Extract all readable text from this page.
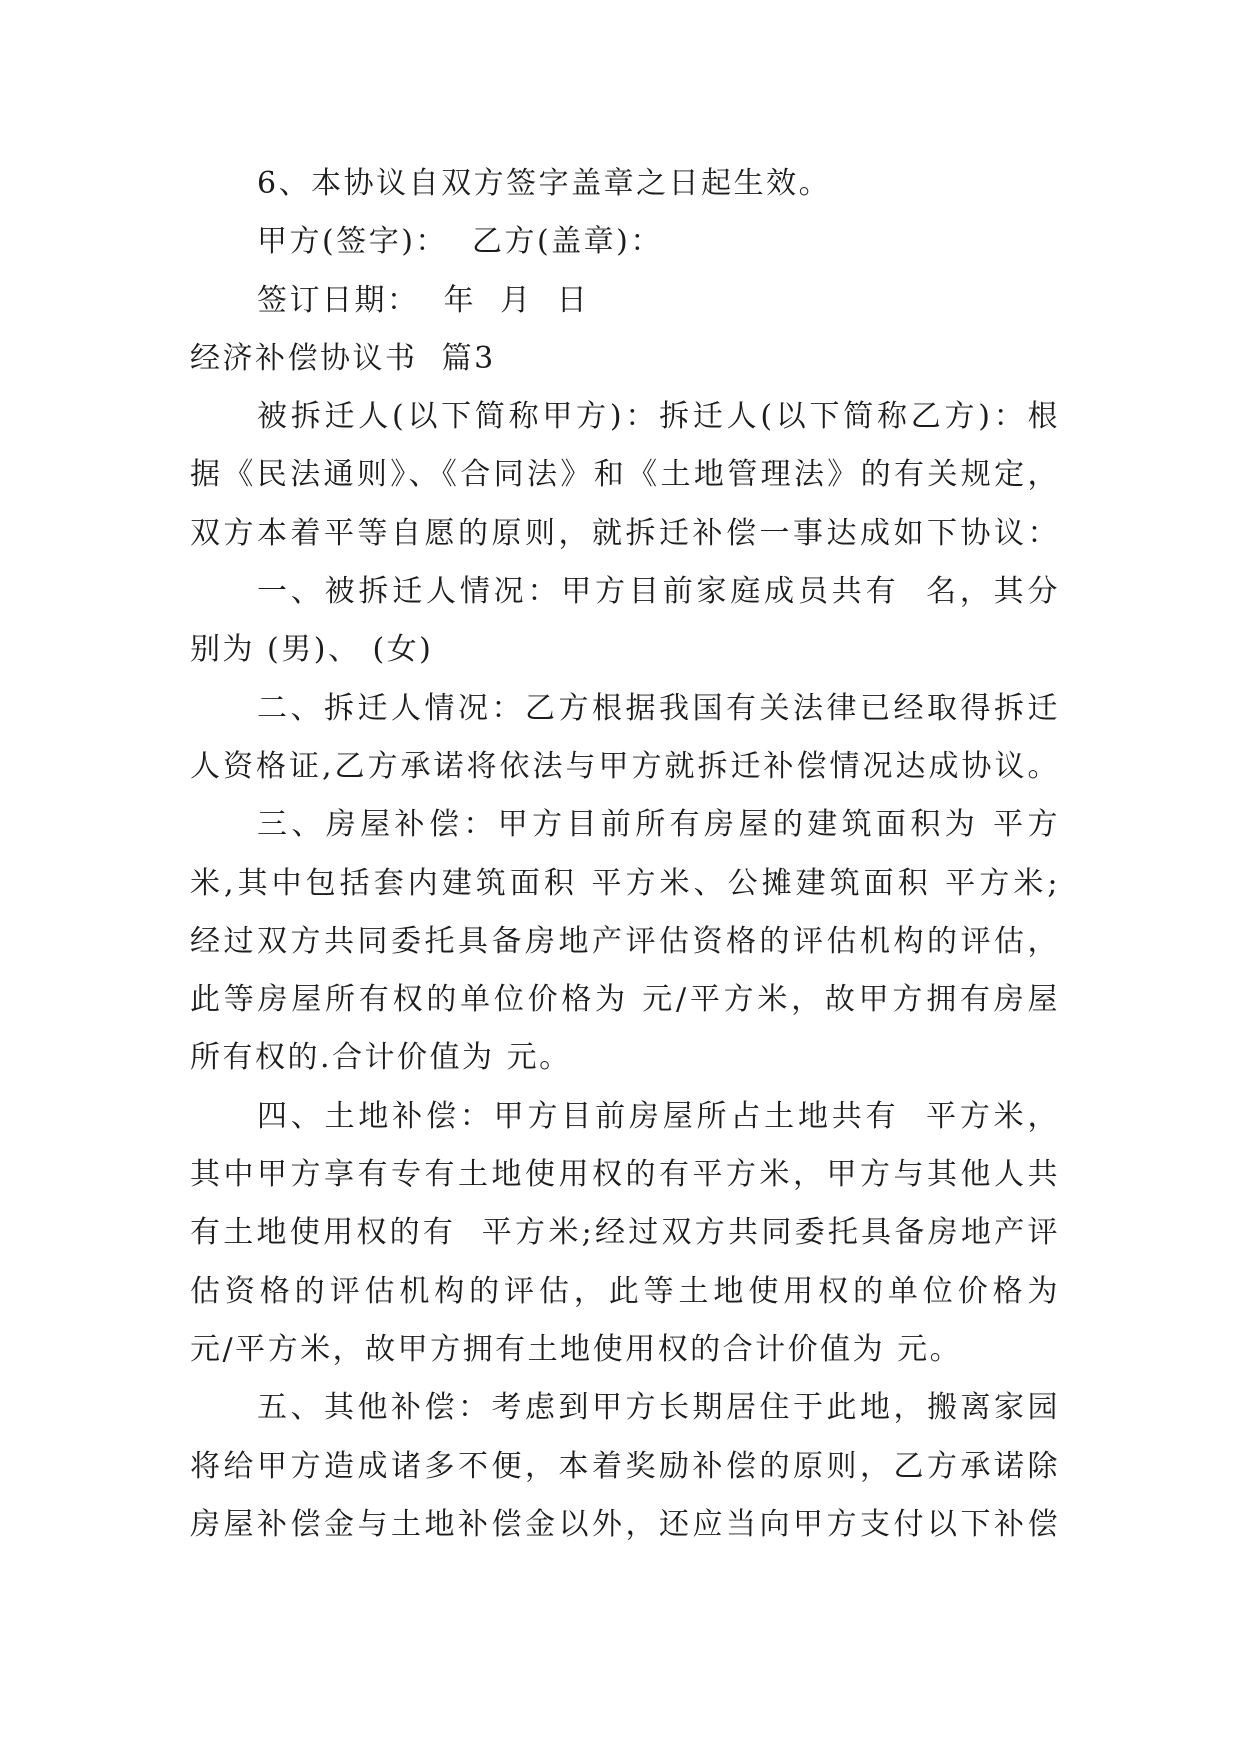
6、本协议自双方签字盖章之日起生效。
甲方(签字)：  乙方(盖章)：
签订日期：  年  月  日
经济补偿协议书  篇3
被拆迁人(以下简称甲方)：拆迁人(以下简称乙方)：根
据《民法通则》、《合同法》和《土地管理法》的有关规定，
双方本着平等自愿的原则，就拆迁补偿一事达成如下协议：
一、被拆迁人情况：甲方目前家庭成员共有  名，其分
别为 (男)、 (女)
二、拆迁人情况：乙方根据我国有关法律已经取得拆迁
人资格证,乙方承诺将依法与甲方就拆迁补偿情况达成协议。
三、房屋补偿：甲方目前所有房屋的建筑面积为 平方
米,其中包括套内建筑面积 平方米、公摊建筑面积 平方米;
经过双方共同委托具备房地产评估资格的评估机构的评估，
此等房屋所有权的单位价格为 元/平方米，故甲方拥有房屋
所有权的.合计价值为 元。
四、土地补偿：甲方目前房屋所占土地共有  平方米，
其中甲方享有专有土地使用权的有平方米，甲方与其他人共
有土地使用权的有  平方米;经过双方共同委托具备房地产评
估资格的评估机构的评估，此等土地使用权的单位价格为
元/平方米，故甲方拥有土地使用权的合计价值为 元。
五、其他补偿：考虑到甲方长期居住于此地，搬离家园
将给甲方造成诸多不便，本着奖励补偿的原则，乙方承诺除
房屋补偿金与土地补偿金以外，还应当向甲方支付以下补偿
